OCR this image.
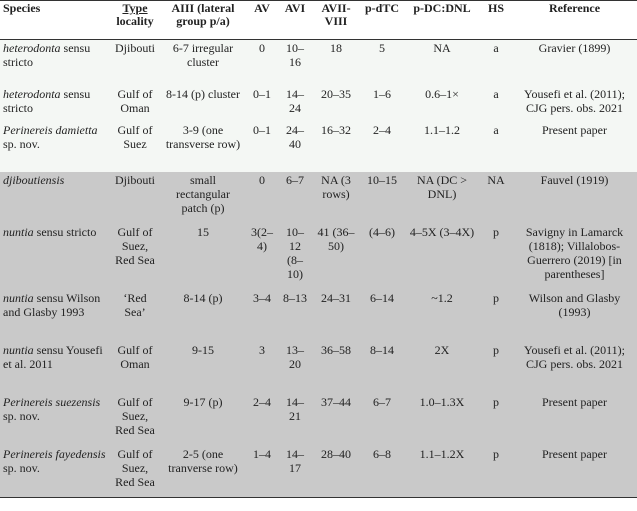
Species	Type locality	AIII (lateral group p/a)	AV	AVI	AVII-VIII	p-dTC	p-DC:DNL	HS	Reference
heterodonta sensu stricto	Djibouti	6-7 irregular cluster	0	10–16	18	5	NA	a	Gravier (1899)
heterodonta sensu stricto	Gulf of Oman	8-14 (p) cluster	0–1	14–24	20–35	1–6	0.6–1×	a	Yousefi et al. (2011); CJG pers. obs. 2021
Perinereis damietta sp. nov.	Gulf of Suez	3-9 (one transverse row)	0–1	24–40	16–32	2–4	1.1–1.2	a	Present paper
djiboutiensis	Djibouti	small rectangular patch (p)	0	6–7	NA (3 rows)	10–15	NA (DC > DNL)	NA	Fauvel (1919)
nuntia sensu stricto	Gulf of Suez, Red Sea	15	3(2–4)	10–12 (8–10)	41 (36–50)	(4–6)	4–5X (3–4X)	p	Savigny in Lamarck (1818); Villalobos-Guerrero (2019) [in parentheses]
nuntia sensu Wilson and Glasby 1993	‘Red Sea’	8-14 (p)	3–4	8–13	24–31	6–14	~1.2	p	Wilson and Glasby (1993)
nuntia sensu Yousefi et al. 2011	Gulf of Oman	9-15	3	13–20	36–58	8–14	2X	p	Yousefi et al. (2011); CJG pers. obs. 2021
Perinereis suezensis sp. nov.	Gulf of Suez, Red Sea	9-17 (p)	2–4	14–21	37–44	6–7	1.0–1.3X	p	Present paper
Perinereis fayedensis sp. nov.	Gulf of Suez, Red Sea	2-5 (one tranverse row)	1–4	14–17	28–40	6–8	1.1–1.2X	p	Present paper
